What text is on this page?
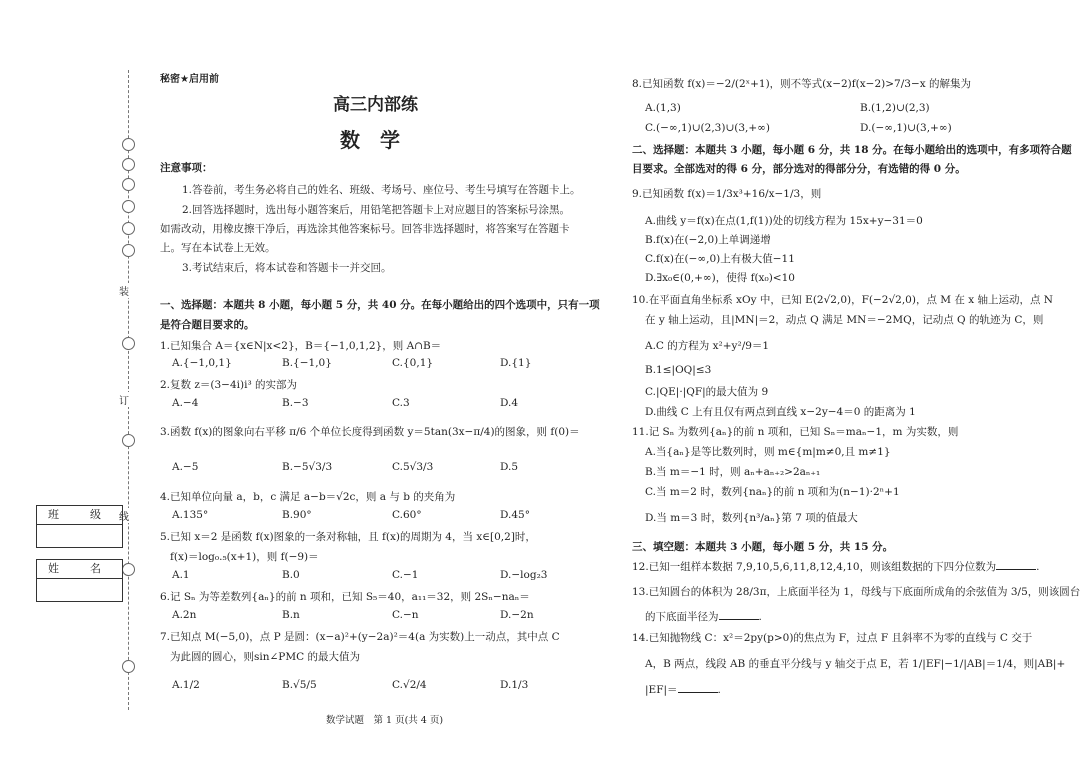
装
订
线
班　级
姓　名
秘密★启用前
高三内部练
数　学
注意事项：
1.答卷前，考生务必将自己的姓名、班级、考场号、座位号、考生号填写在答题卡上。
2.回答选择题时，选出每小题答案后，用铅笔把答题卡上对应题目的答案标号涂黑。
如需改动，用橡皮擦干净后，再选涂其他答案标号。回答非选择题时，将答案写在答题卡
上。写在本试卷上无效。
3.考试结束后，将本试卷和答题卡一并交回。
一、选择题：本题共 8 小题，每小题 5 分，共 40 分。在每小题给出的四个选项中，只有一项
是符合题目要求的。
1.已知集合 A＝{x∈N|x<2}，B＝{−1,0,1,2}，则 A∩B＝
A.{−1,0,1}	B.{−1,0}	C.{0,1}	D.{1}
2.复数 z＝(3−4i)i³ 的实部为
A.−4	B.−3	C.3	D.4
3.函数 f(x)的图象向右平移 π/6 个单位长度得到函数 y＝5tan(3x−π/4)的图象，则 f(0)＝
A.−5	B.−5√3/3	C.5√3/3	D.5
4.已知单位向量 a，b，c 满足 a−b＝√2c，则 a 与 b 的夹角为
A.135°	B.90°	C.60°	D.45°
5.已知 x＝2 是函数 f(x)图象的一条对称轴，且 f(x)的周期为 4，当 x∈[0,2]时，
f(x)＝log₀.₅(x+1)，则 f(−9)＝
A.1	B.0	C.−1	D.−log₂3
6.记 Sₙ 为等差数列{aₙ}的前 n 项和，已知 S₅＝40，a₁₁＝32，则 2Sₙ−naₙ＝
A.2n	B.n	C.−n	D.−2n
7.已知点 M(−5,0)，点 P 是圆：(x−a)²+(y−2a)²＝4(a 为实数)上一动点，其中点 C
为此圆的圆心，则sin∠PMC 的最大值为
A.1/2	B.√5/5	C.√2/4	D.1/3
数学试题　第 1 页(共 4 页)
8.已知函数 f(x)＝−2/(2ˣ+1)，则不等式(x−2)f(x−2)>7/3−x 的解集为
A.(1,3)	B.(1,2)∪(2,3)
C.(−∞,1)∪(2,3)∪(3,+∞)	D.(−∞,1)∪(3,+∞)
二、选择题：本题共 3 小题，每小题 6 分，共 18 分。在每小题给出的选项中，有多项符合题
目要求。全部选对的得 6 分，部分选对的得部分分，有选错的得 0 分。
9.已知函数 f(x)＝1/3x³+16/x−1/3，则
A.曲线 y＝f(x)在点(1,f(1))处的切线方程为 15x+y−31＝0
B.f(x)在(−2,0)上单调递增
C.f(x)在(−∞,0)上有极大值−11
D.∃x₀∈(0,+∞)，使得 f(x₀)<10
10.在平面直角坐标系 xOy 中，已知 E(2√2,0)，F(−2√2,0)，点 M 在 x 轴上运动，点 N
在 y 轴上运动，且|MN|＝2，动点 Q 满足 MN＝−2MQ，记动点 Q 的轨迹为 C，则
A.C 的方程为 x²+y²/9＝1
B.1≤|OQ|≤3
C.|QE|·|QF|的最大值为 9
D.曲线 C 上有且仅有两点到直线 x−2y−4＝0 的距离为 1
11.记 Sₙ 为数列{aₙ}的前 n 项和，已知 Sₙ＝maₙ−1，m 为实数，则
A.当{aₙ}是等比数列时，则 m∈{m|m≠0,且 m≠1}
B.当 m＝−1 时，则 aₙ+aₙ₊₂>2aₙ₊₁
C.当 m＝2 时，数列{naₙ}的前 n 项和为(n−1)·2ⁿ+1
D.当 m＝3 时，数列{n³/aₙ}第 7 项的值最大
三、填空题：本题共 3 小题，每小题 5 分，共 15 分。
12.已知一组样本数据 7,9,10,5,6,11,8,12,4,10，则该组数据的下四分位数为	.
13.已知圆台的体积为 28/3π，上底面半径为 1，母线与下底面所成角的余弦值为 3/5，则该圆台
的下底面半径为	.
14.已知抛物线 C：x²＝2py(p>0)的焦点为 F，过点 F 且斜率不为零的直线与 C 交于
A，B 两点，线段 AB 的垂直平分线与 y 轴交于点 E，若 1/|EF|−1/|AB|＝1/4，则|AB|+
|EF|＝	.
